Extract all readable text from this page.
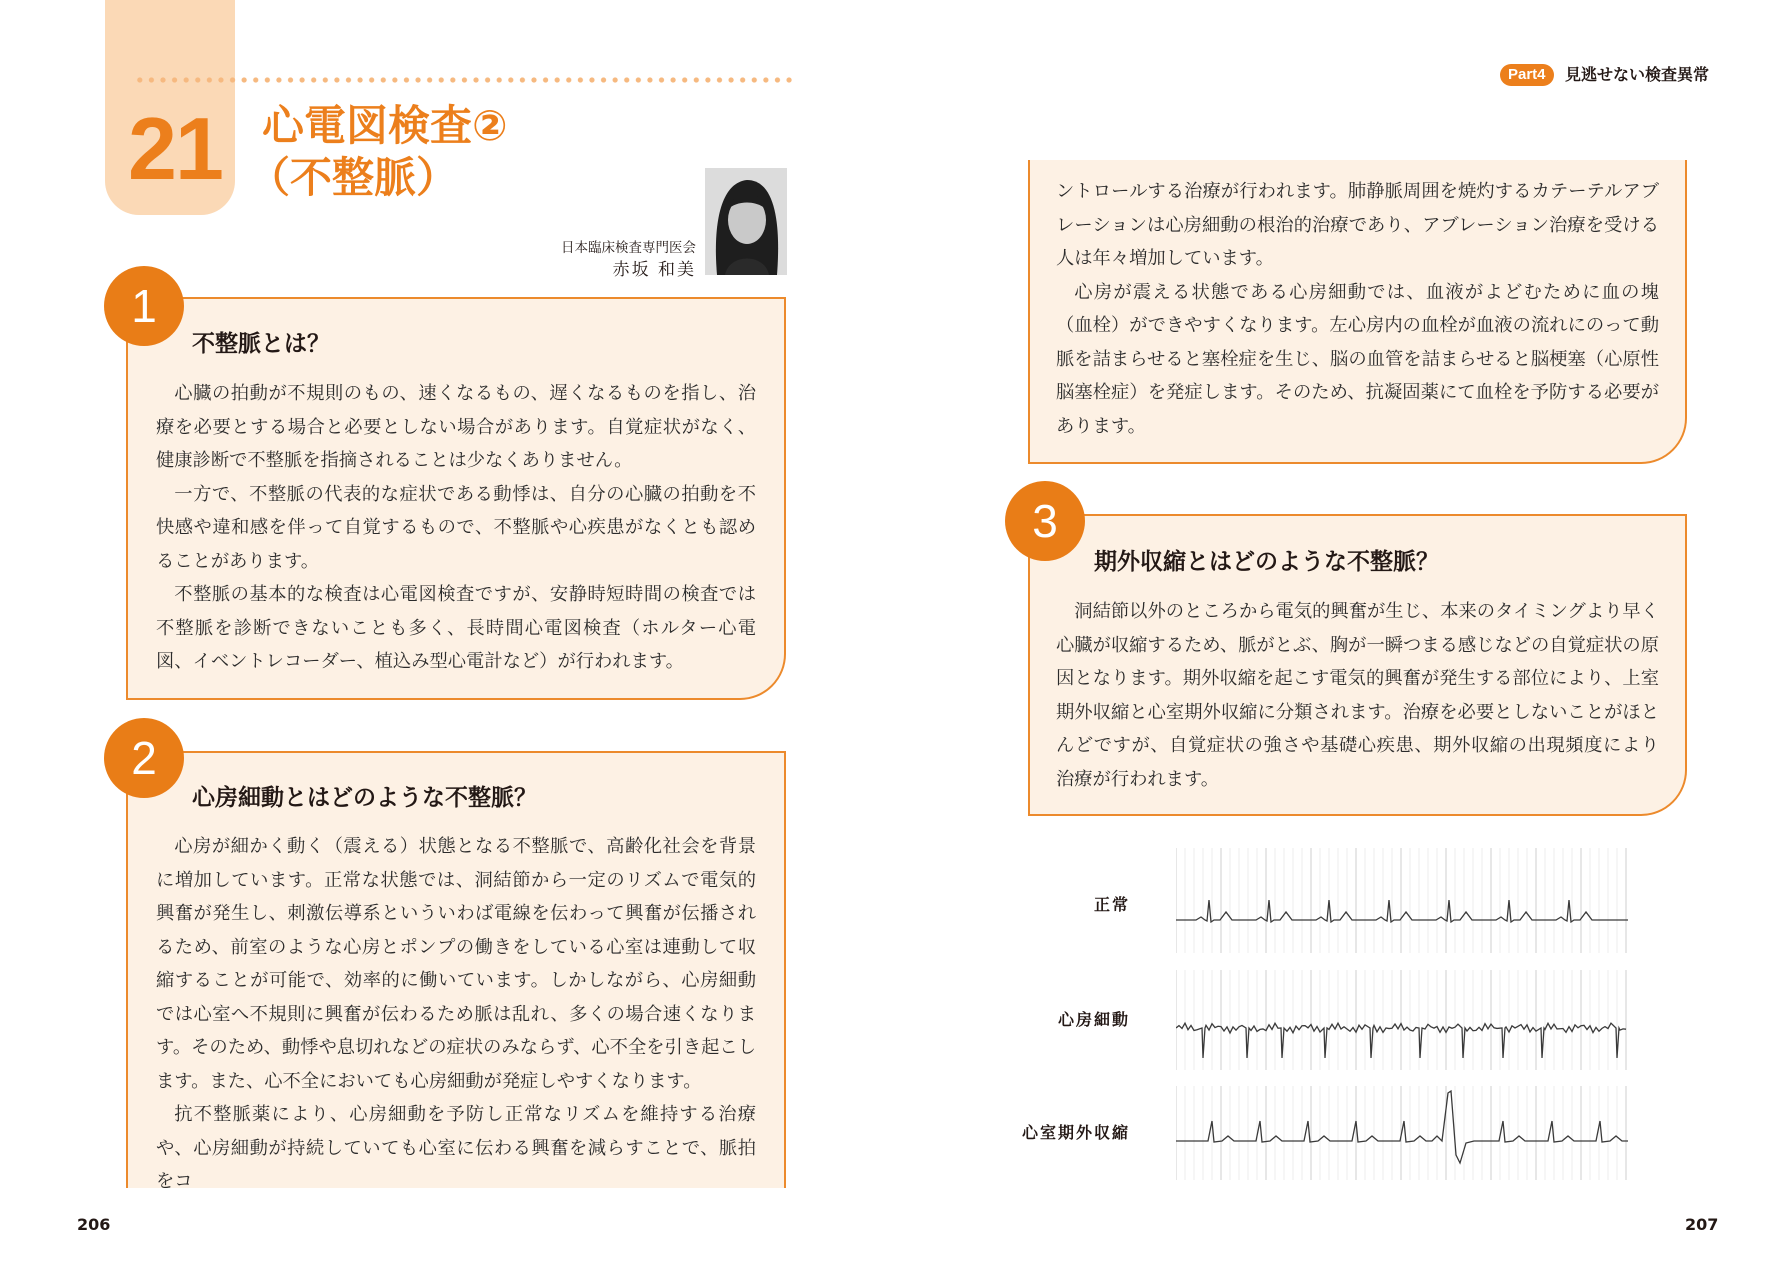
21 心電図検査②
（不整脈）
日本臨床検査専門医会
赤坂 和美
1
不整脈とは？

心臓の拍動が不規則のもの、速くなるもの、遅くなるものを指し、治療を必要とする場合と必要としない場合があります。自覚症状がなく、健康診断で不整脈を指摘されることは少なくありません。

一方で、不整脈の代表的な症状である動悸は、自分の心臓の拍動を不快感や違和感を伴って自覚するもので、不整脈や心疾患がなくとも認めることがあります。

不整脈の基本的な検査は心電図検査ですが、安静時短時間の検査では不整脈を診断できないことも多く、長時間心電図検査（ホルター心電図、イベントレコーダー、植込み型心電計など）が行われます。

2
心房細動とはどのような不整脈？

心房が細かく動く（震える）状態となる不整脈で、高齢化社会を背景に増加しています。正常な状態では、洞結節から一定のリズムで電気的興奮が発生し、刺激伝導系といういわば電線を伝わって興奮が伝播されるため、前室のような心房とポンプの働きをしている心室は連動して収縮することが可能で、効率的に働いています。しかしながら、心房細動では心室へ不規則に興奮が伝わるため脈は乱れ、多くの場合速くなります。そのため、動悸や息切れなどの症状のみならず、心不全を引き起こします。また、心不全においても心房細動が発症しやすくなります。

抗不整脈薬により、心房細動を予防し正常なリズムを維持する治療や、心房細動が持続していても心室に伝わる興奮を減らすことで、脈拍をコ

206
Part4	見逃せない検査異常

ントロールする治療が行われます。肺静脈周囲を焼灼するカテーテルアブレーションは心房細動の根治的治療であり、アブレーション治療を受ける人は年々増加しています。

心房が震える状態である心房細動では、血液がよどむために血の塊（血栓）ができやすくなります。左心房内の血栓が血液の流れにのって動脈を詰まらせると塞栓症を生じ、脳の血管を詰まらせると脳梗塞（心原性脳塞栓症）を発症します。そのため、抗凝固薬にて血栓を予防する必要があります。

3
期外収縮とはどのような不整脈？

洞結節以外のところから電気的興奮が生じ、本来のタイミングより早く心臓が収縮するため、脈がとぶ、胸が一瞬つまる感じなどの自覚症状の原因となります。期外収縮を起こす電気的興奮が発生する部位により、上室期外収縮と心室期外収縮に分類されます。治療を必要としないことがほとんどですが、自覚症状の強さや基礎心疾患、期外収縮の出現頻度により治療が行われます。

正常
心房細動
心室期外収縮
207
